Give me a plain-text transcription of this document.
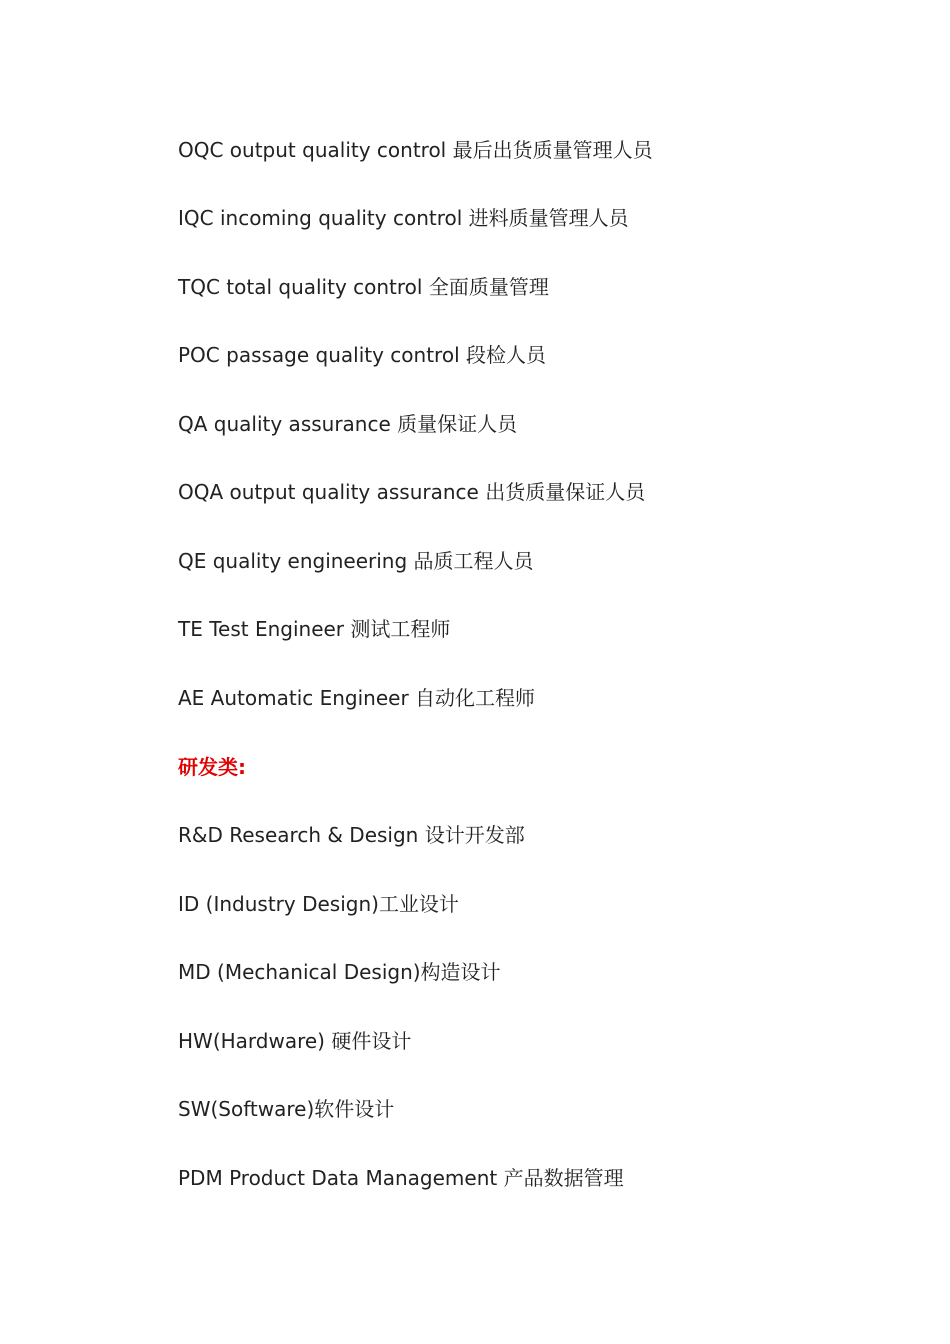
OQC output quality control 最后出货质量管理人员
IQC incoming quality control 进料质量管理人员
TQC total quality control 全面质量管理
POC passage quality control 段检人员
QA quality assurance 质量保证人员
OQA output quality assurance 出货质量保证人员
QE quality engineering 品质工程人员
TE Test Engineer 测试工程师
AE Automatic Engineer 自动化工程师
研发类:
R&D Research & Design 设计开发部
ID (Industry Design)工业设计
MD (Mechanical Design)构造设计
HW(Hardware) 硬件设计
SW(Software)软件设计
PDM Product Data Management 产品数据管理
